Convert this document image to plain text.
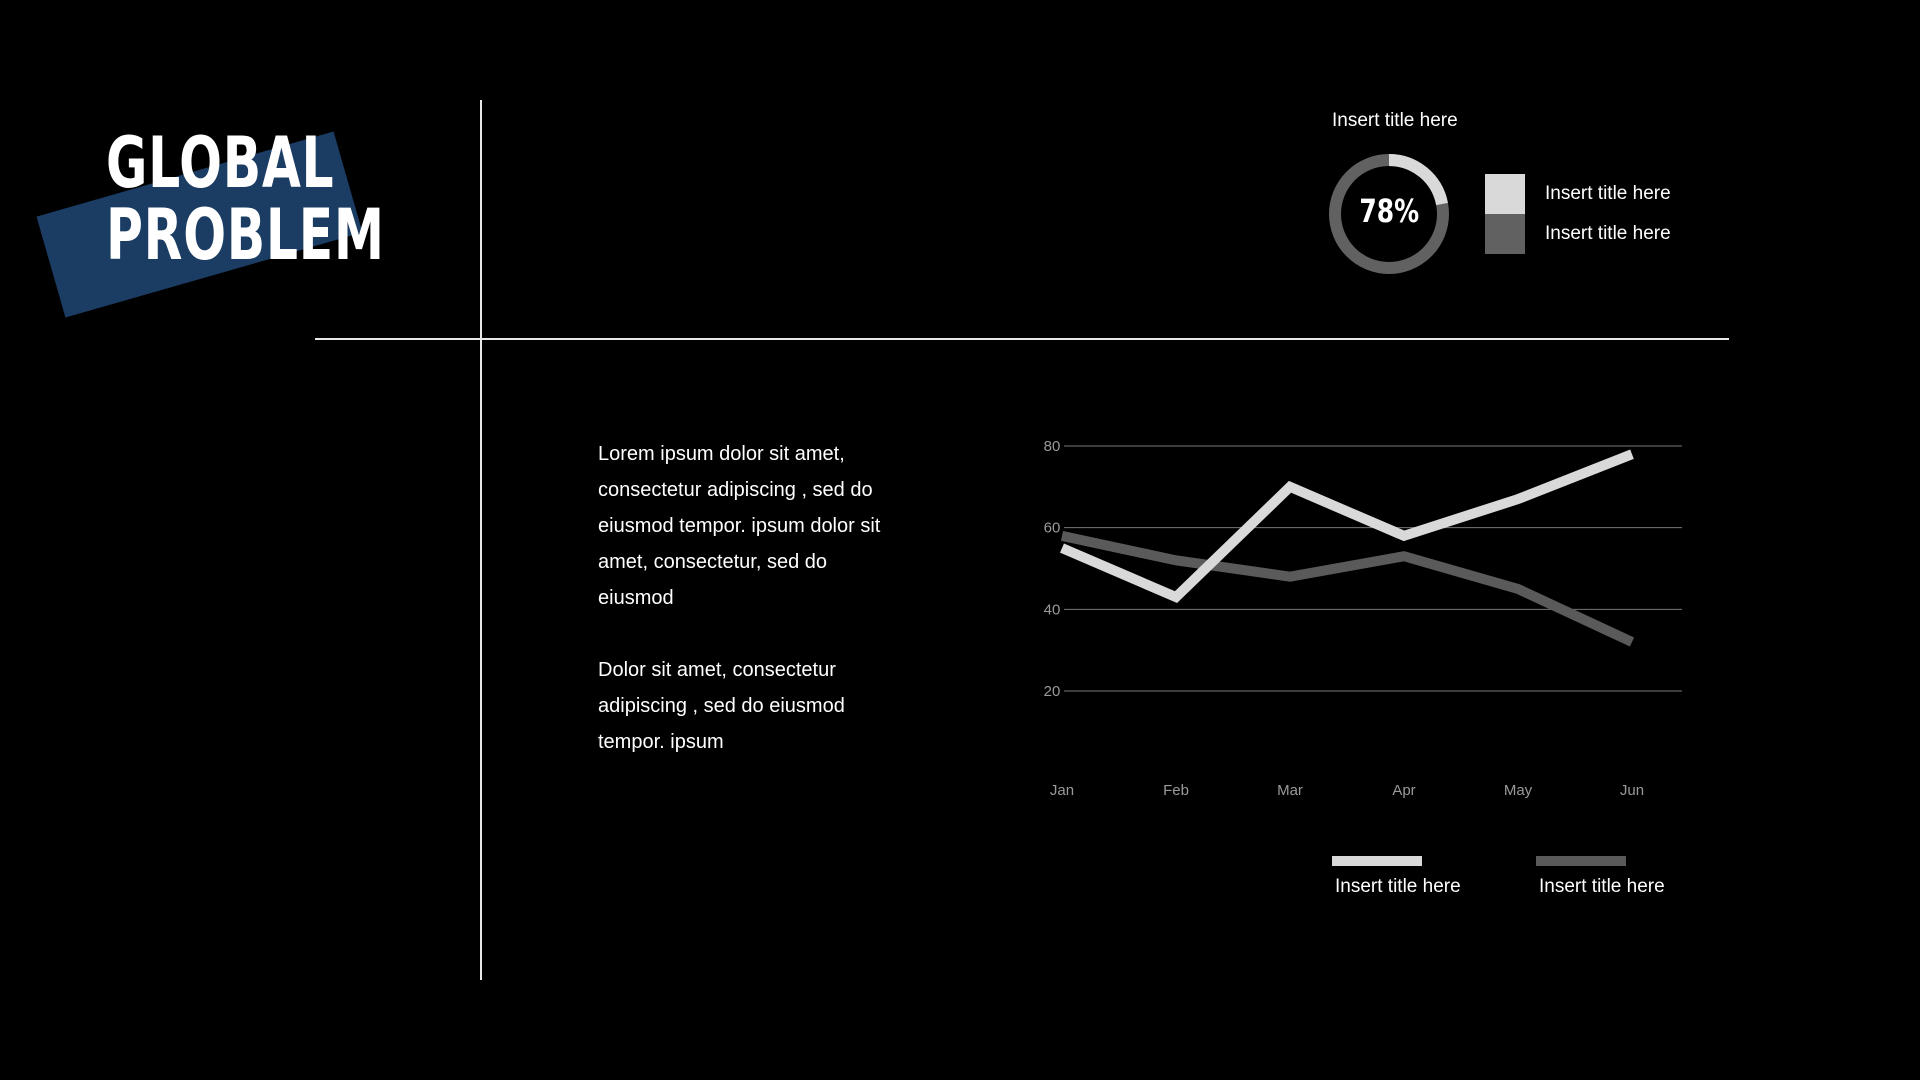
GLOBAL
PROBLEM
Insert title here
78%	Insert title here
Insert title here

Lorem ipsum dolor sit amet, consectetur adipiscing , sed do eiusmod tempor. ipsum dolor sit amet, consectetur, sed do eiusmod

Dolor sit amet, consectetur adipiscing , sed do eiusmod tempor. ipsum

80
60
40
20
Jan	Feb	Mar	Apr	May	Jun
Insert title here	Insert title here
